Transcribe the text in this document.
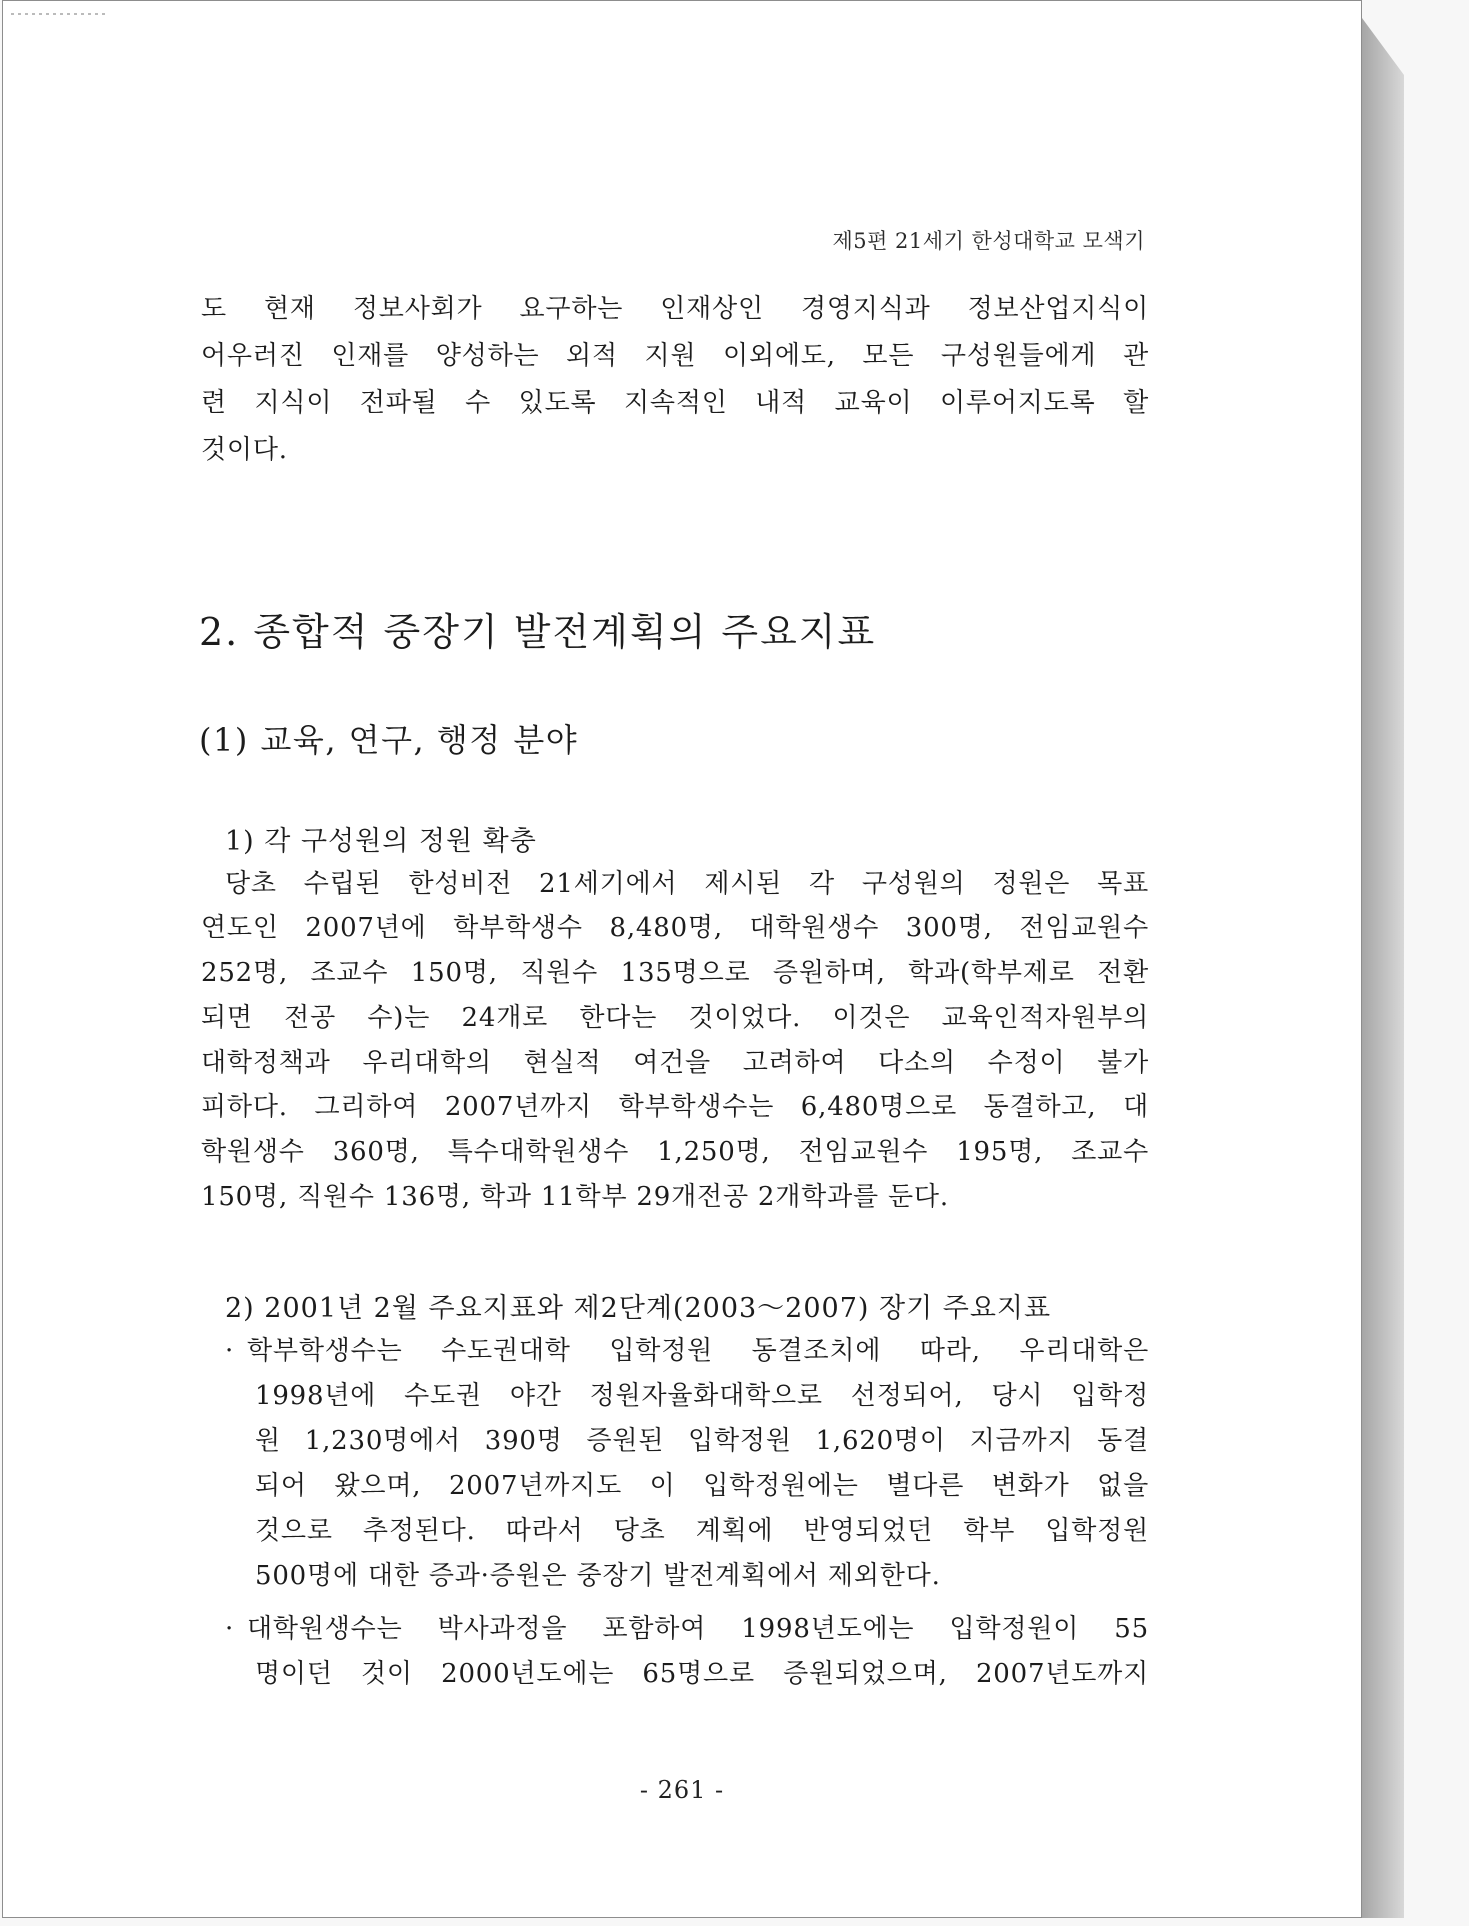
제5편 21세기 한성대학교 모색기
도 현재 정보사회가 요구하는 인재상인 경영지식과 정보산업지식이
어우러진 인재를 양성하는 외적 지원 이외에도, 모든 구성원들에게 관
련 지식이 전파될 수 있도록 지속적인 내적 교육이 이루어지도록 할
것이다.
2. 종합적 중장기 발전계획의 주요지표
(1) 교육, 연구, 행정 분야
1) 각 구성원의 정원 확충
당초 수립된 한성비전 21세기에서 제시된 각 구성원의 정원은 목표
연도인 2007년에 학부학생수 8,480명, 대학원생수 300명, 전임교원수
252명, 조교수 150명, 직원수 135명으로 증원하며, 학과(학부제로 전환
되면 전공 수)는 24개로 한다는 것이었다. 이것은 교육인적자원부의
대학정책과 우리대학의 현실적 여건을 고려하여 다소의 수정이 불가
피하다. 그리하여 2007년까지 학부학생수는 6,480명으로 동결하고, 대
학원생수 360명, 특수대학원생수 1,250명, 전임교원수 195명, 조교수
150명, 직원수 136명, 학과 11학부 29개전공 2개학과를 둔다.
2) 2001년 2월 주요지표와 제2단계(2003～2007) 장기 주요지표
· 학부학생수는 수도권대학 입학정원 동결조치에 따라, 우리대학은
1998년에 수도권 야간 정원자율화대학으로 선정되어, 당시 입학정
원 1,230명에서 390명 증원된 입학정원 1,620명이 지금까지 동결
되어 왔으며, 2007년까지도 이 입학정원에는 별다른 변화가 없을
것으로 추정된다. 따라서 당초 계획에 반영되었던 학부 입학정원
500명에 대한 증과·증원은 중장기 발전계획에서 제외한다.
· 대학원생수는 박사과정을 포함하여 1998년도에는 입학정원이 55
명이던 것이 2000년도에는 65명으로 증원되었으며, 2007년도까지
- 261 -
